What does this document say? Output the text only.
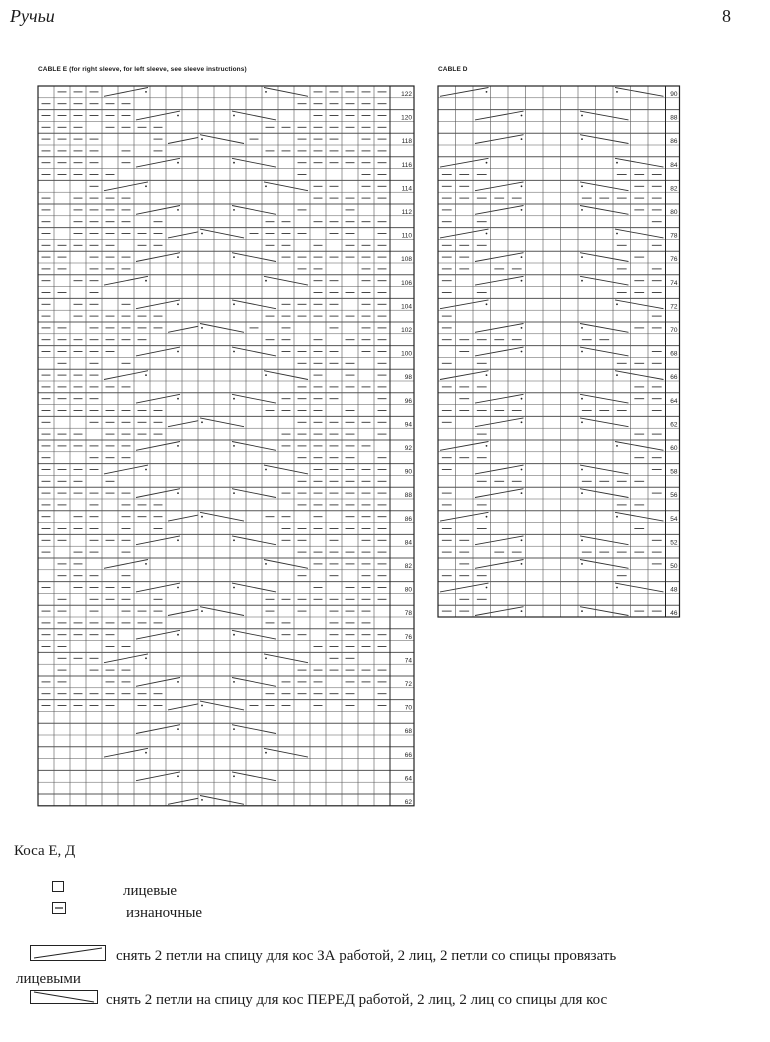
Ручьи	8
CABLE E (for right sleeve, for left sleeve, see sleeve instructions)	CABLE D
122
120
118
116
114
112
110
108
106
104
102
100
98
96
94
92
90
88
86
84
82
80
78
76
74
72
70
68
66
64
62
90
88
86
84
82
80
78
76
74
72
70
68
66
64
62
60
58
56
54
52
50
48
46
Коса Е, Д
лицевые
изнаночные
снять 2 петли на спицу для кос ЗА работой, 2 лиц, 2 петли со спицы провязать
лицевыми
снять 2 петли на спицу для кос ПЕРЕД работой, 2 лиц, 2 лиц со спицы для кос
